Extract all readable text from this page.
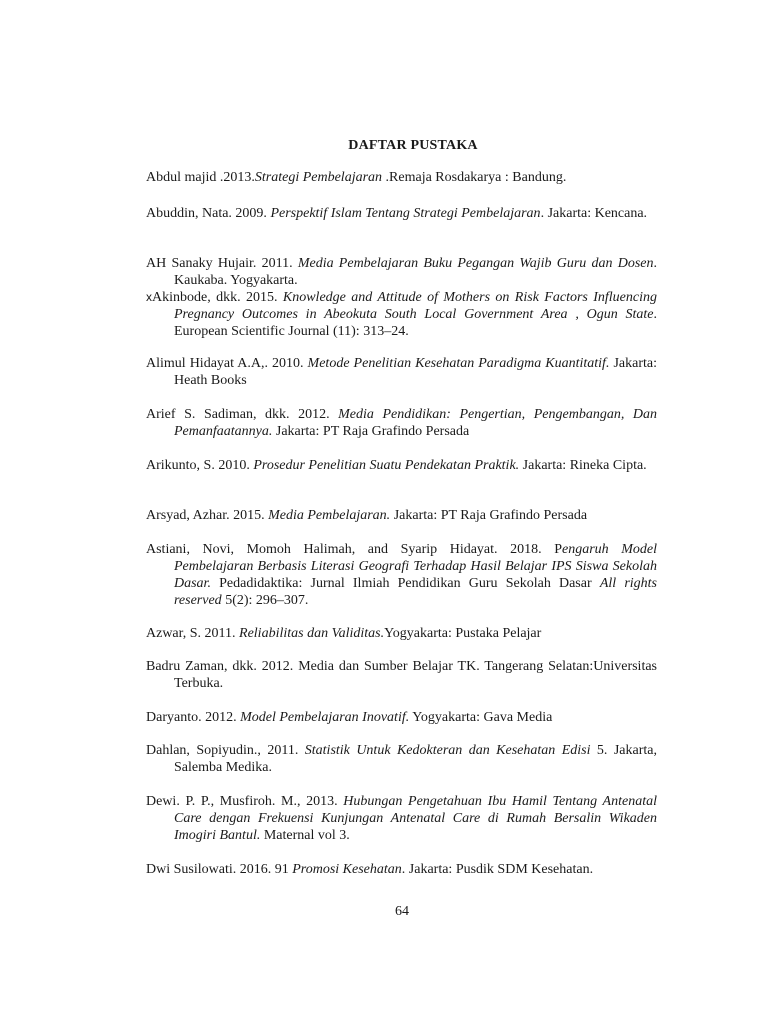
DAFTAR PUSTAKA

Abdul majid .2013.Strategi Pembelajaran .Remaja Rosdakarya : Bandung.

Abuddin, Nata. 2009. Perspektif Islam Tentang Strategi Pembelajaran. Jakarta: Kencana.

AH Sanaky Hujair. 2011. Media Pembelajaran Buku Pegangan Wajib Guru dan Dosen. Kaukaba. Yogyakarta.

xAkinbode, dkk. 2015. Knowledge and Attitude of Mothers on Risk Factors Influencing Pregnancy Outcomes in Abeokuta South Local Government Area , Ogun State. European Scientific Journal (11): 313–24.

Alimul Hidayat A.A,. 2010. Metode Penelitian Kesehatan Paradigma Kuantitatif. Jakarta: Heath Books

Arief S. Sadiman, dkk. 2012. Media Pendidikan: Pengertian, Pengembangan, Dan Pemanfaatannya. Jakarta: PT Raja Grafindo Persada

Arikunto, S. 2010. Prosedur Penelitian Suatu Pendekatan Praktik. Jakarta: Rineka Cipta.

Arsyad, Azhar. 2015. Media Pembelajaran. Jakarta: PT Raja Grafindo Persada

Astiani, Novi, Momoh Halimah, and Syarip Hidayat. 2018. Pengaruh Model Pembelajaran Berbasis Literasi Geografi Terhadap Hasil Belajar IPS Siswa Sekolah Dasar. Pedadidaktika: Jurnal Ilmiah Pendidikan Guru Sekolah Dasar All rights reserved 5(2): 296–307.

Azwar, S. 2011. Reliabilitas dan Validitas.Yogyakarta: Pustaka Pelajar

Badru Zaman, dkk. 2012. Media dan Sumber Belajar TK. Tangerang Selatan:Universitas Terbuka.

Daryanto. 2012. Model Pembelajaran Inovatif. Yogyakarta: Gava Media

Dahlan, Sopiyudin., 2011. Statistik Untuk Kedokteran dan Kesehatan Edisi 5. Jakarta, Salemba Medika.

Dewi. P. P., Musfiroh. M., 2013. Hubungan Pengetahuan Ibu Hamil Tentang Antenatal Care dengan Frekuensi Kunjungan Antenatal Care di Rumah Bersalin Wikaden Imogiri Bantul. Maternal vol 3.

Dwi Susilowati. 2016. 91 Promosi Kesehatan. Jakarta: Pusdik SDM Kesehatan.

64
